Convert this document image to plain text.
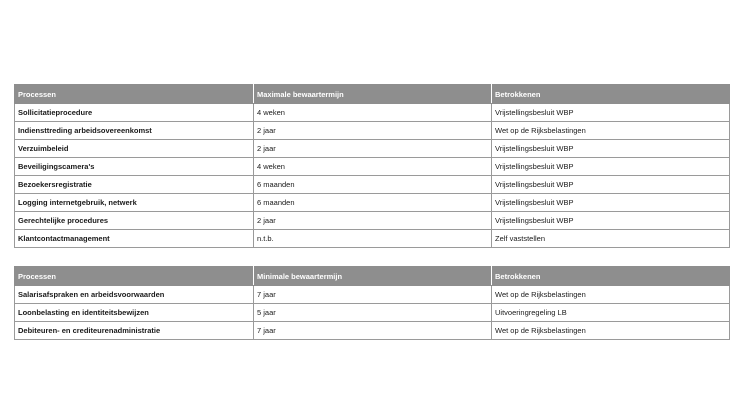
Processen	Maximale bewaartermijn	Betrokkenen
Sollicitatieprocedure	4 weken	Vrijstellingsbesluit WBP
Indiensttreding arbeidsovereenkomst	2 jaar	Wet op de Rijksbelastingen
Verzuimbeleid	2 jaar	Vrijstellingsbesluit WBP
Beveiligingscamera's	4 weken	Vrijstellingsbesluit WBP
Bezoekersregistratie	6 maanden	Vrijstellingsbesluit WBP
Logging internetgebruik, netwerk	6 maanden	Vrijstellingsbesluit WBP
Gerechtelijke procedures	2 jaar	Vrijstellingsbesluit WBP
Klantcontactmanagement	n.t.b.	Zelf vaststellen
Processen	Minimale bewaartermijn	Betrokkenen
Salarisafspraken en arbeidsvoorwaarden	7 jaar	Wet op de Rijksbelastingen
Loonbelasting en identiteitsbewijzen	5 jaar	Uitvoeringregeling LB
Debiteuren- en crediteurenadministratie	7 jaar	Wet op de Rijksbelastingen
